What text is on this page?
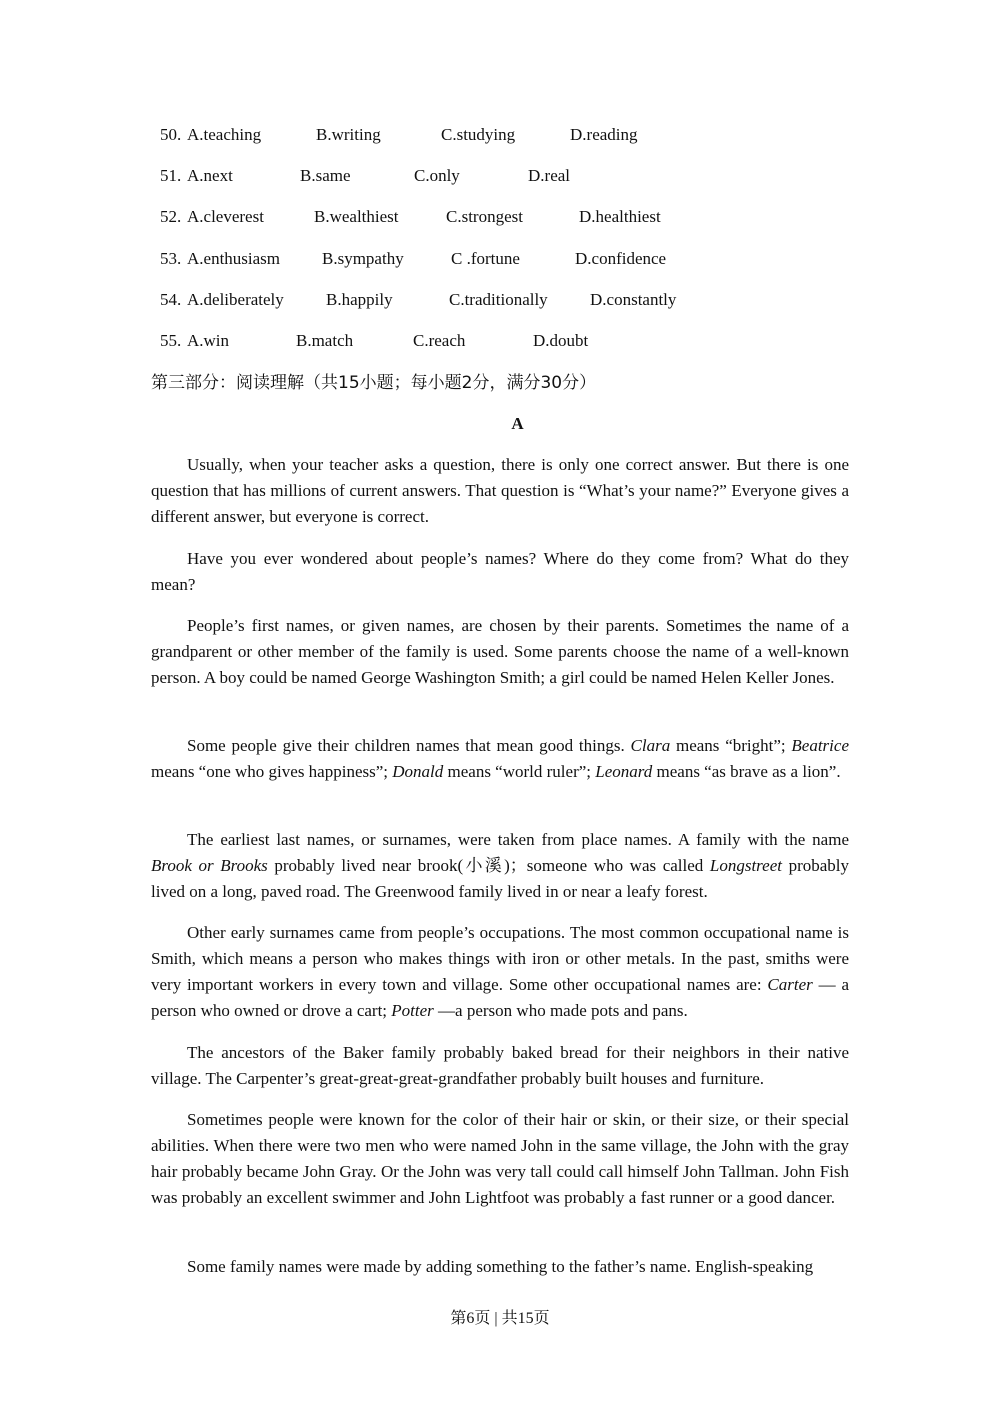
50. A.teaching	B.writing	C.studying	D.reading
51. A.next	B.same	C.only	D.real
52. A.cleverest	B.wealthiest	C.strongest	D.healthiest
53. A.enthusiasm B.sympathy	C .fortune	D.confidence
54. A.deliberately B.happily	C.traditionally D.constantly
55. A.win	B.match	C.reach	D.doubt
第三部分：阅读理解（共15小题；每小题2分，满分30分）
A

Usually, when your teacher asks a question, there is only one correct answer. But there is one question that has millions of current answers. That question is “What’s your name?” Everyone gives a different answer, but everyone is correct.

Have you ever wondered about people’s names? Where do they come from? What do they mean?

People’s first names, or given names, are chosen by their parents. Sometimes the name of a grandparent or other member of the family is used. Some parents choose the name of a well-known person. A boy could be named George Washington Smith; a girl could be named Helen Keller Jones.

Some people give their children names that mean good things. Clara means “bright”; Beatrice means “one who gives happiness”; Donald means “world ruler”; Leonard means “as brave as a lion”.

The earliest last names, or surnames, were taken from place names. A family with the name Brook or Brooks probably lived near brook(小溪)；someone who was called Longstreet probably lived on a long, paved road. The Greenwood family lived in or near a leafy forest.

Other early surnames came from people’s occupations. The most common occupational name is Smith, which means a person who makes things with iron or other metals. In the past, smiths were very important workers in every town and village. Some other occupational names are: Carter — a person who owned or drove a cart; Potter —a person who made pots and pans.

The ancestors of the Baker family probably baked bread for their neighbors in their native village. The Carpenter’s great-great-great-grandfather probably built houses and furniture.

Sometimes people were known for the color of their hair or skin, or their size, or their special abilities. When there were two men who were named John in the same village, the John with the gray hair probably became John Gray. Or the John was very tall could call himself John Tallman. John Fish was probably an excellent swimmer and John Lightfoot was probably a fast runner or a good dancer.

Some family names were made by adding something to the father’s name. English-speaking

第6页 | 共15页
